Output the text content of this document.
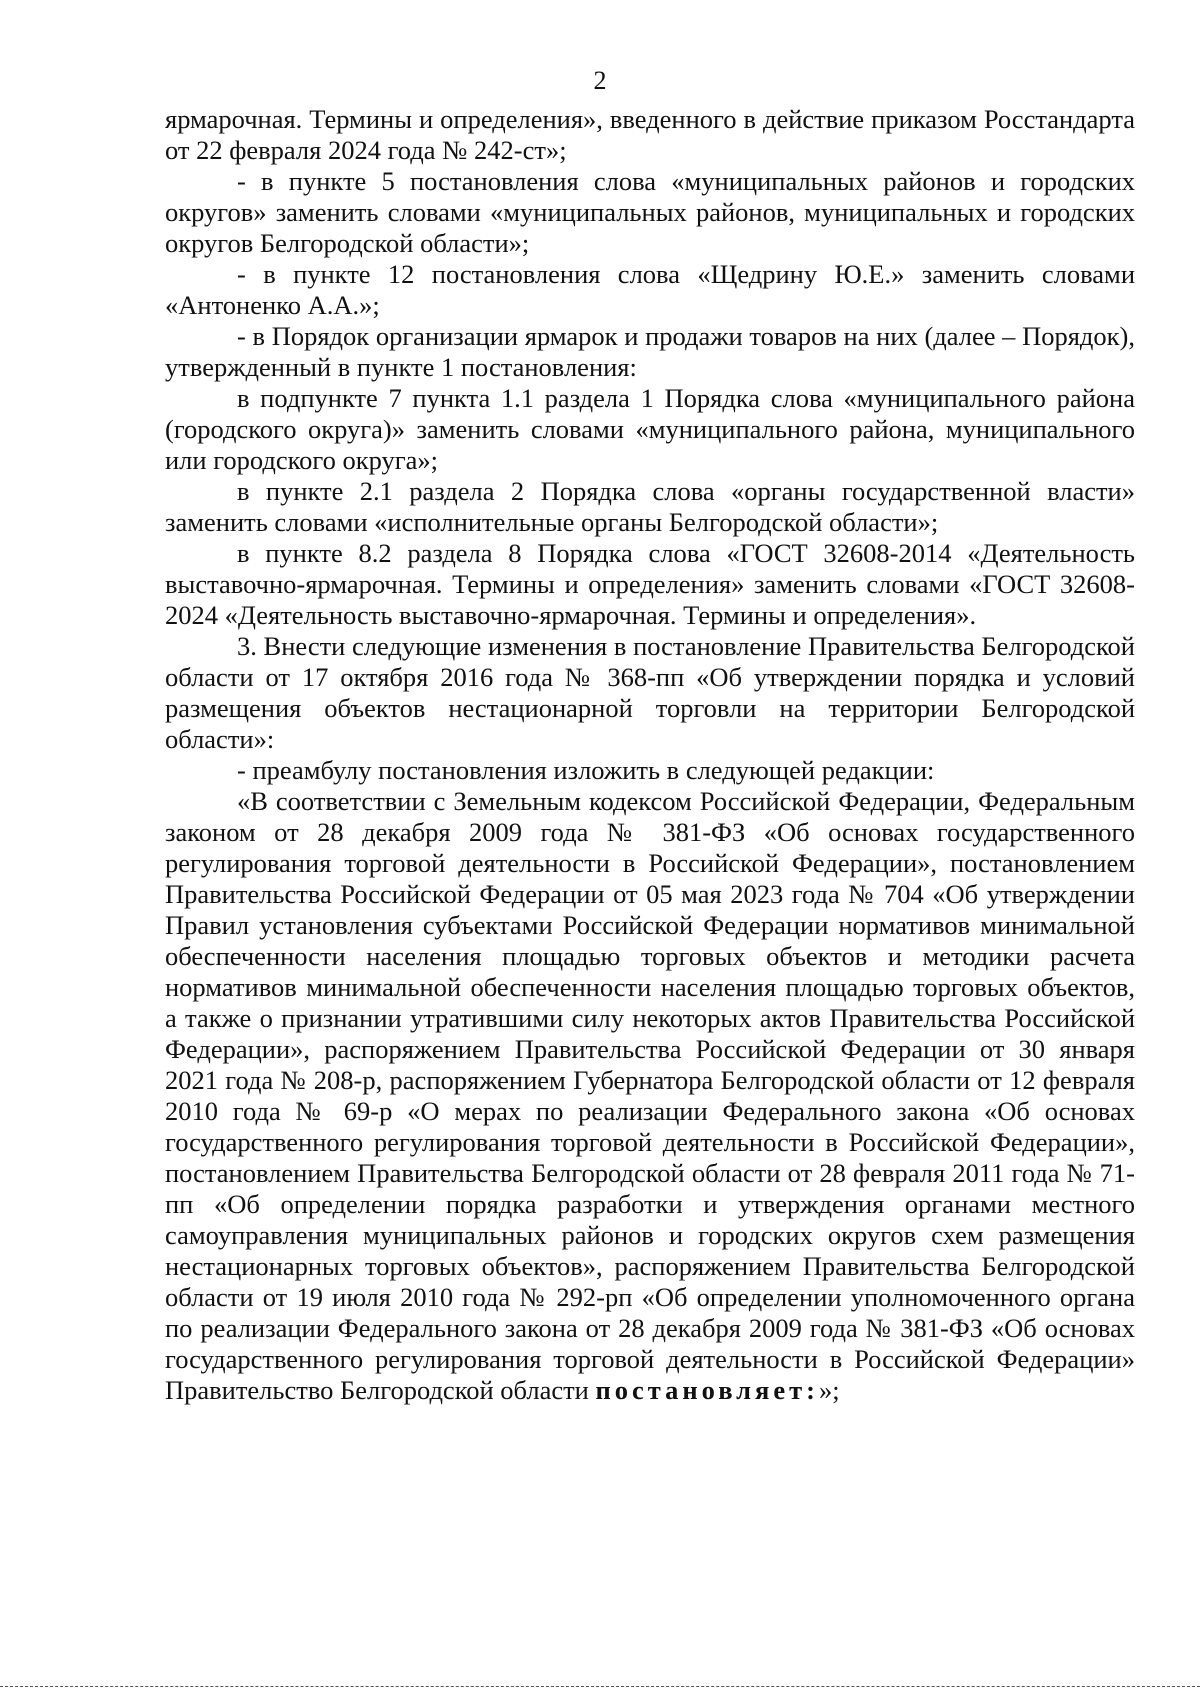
2

ярмарочная. Термины и определения», введенного в действие приказом Росстандарта от 22 февраля 2024 года № 242-ст»;

- в пункте 5 постановления слова «муниципальных районов и городских округов» заменить словами «муниципальных районов, муниципальных и городских округов Белгородской области»;

- в пункте 12 постановления слова «Щедрину Ю.Е.» заменить словами «Антоненко А.А.»;

- в Порядок организации ярмарок и продажи товаров на них (далее – Порядок), утвержденный в пункте 1 постановления:

в подпункте 7 пункта 1.1 раздела 1 Порядка слова «муниципального района (городского округа)» заменить словами «муниципального района, муниципального или городского округа»;

в пункте 2.1 раздела 2 Порядка слова «органы государственной власти» заменить словами «исполнительные органы Белгородской области»;

в пункте 8.2 раздела 8 Порядка слова «ГОСТ 32608-2014 «Деятельность выставочно-ярмарочная. Термины и определения» заменить словами «ГОСТ 32608-2024 «Деятельность выставочно-ярмарочная. Термины и определения».

3. Внести следующие изменения в постановление Правительства Белгородской области от 17 октября 2016 года № 368-пп «Об утверждении порядка и условий размещения объектов нестационарной торговли на территории Белгородской области»:

- преамбулу постановления изложить в следующей редакции:

«В соответствии с Земельным кодексом Российской Федерации, Федеральным законом от 28 декабря 2009 года № 381-ФЗ «Об основах государственного регулирования торговой деятельности в Российской Федерации», постановлением Правительства Российской Федерации от 05 мая 2023 года № 704 «Об утверждении Правил установления субъектами Российской Федерации нормативов минимальной обеспеченности населения площадью торговых объектов и методики расчета нормативов минимальной обеспеченности населения площадью торговых объектов, а также о признании утратившими силу некоторых актов Правительства Российской Федерации», распоряжением Правительства Российской Федерации от 30 января 2021 года № 208-р, распоряжением Губернатора Белгородской области от 12 февраля 2010 года № 69-р «О мерах по реализации Федерального закона «Об основах государственного регулирования торговой деятельности в Российской Федерации», постановлением Правительства Белгородской области от 28 февраля 2011 года № 71-пп «Об определении порядка разработки и утверждения органами местного самоуправления муниципальных районов и городских округов схем размещения нестационарных торговых объектов», распоряжением Правительства Белгородской области от 19 июля 2010 года № 292-рп «Об определении уполномоченного органа по реализации Федерального закона от 28 декабря 2009 года № 381-ФЗ «Об основах государственного регулирования торговой деятельности в Российской Федерации» Правительство Белгородской области постановляет:»;
